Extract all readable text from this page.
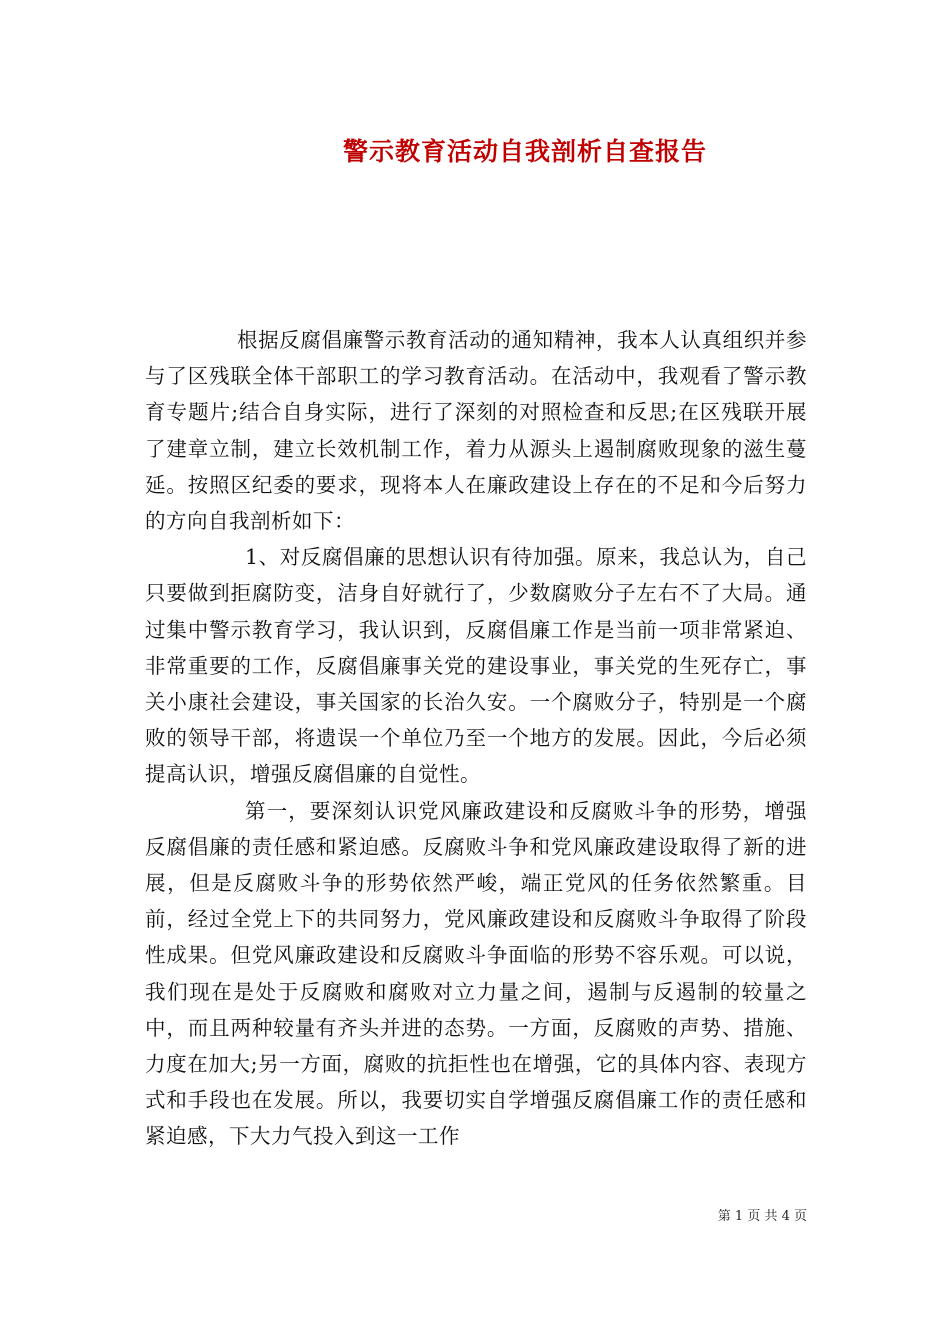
警示教育活动自我剖析自查报告

根据反腐倡廉警示教育活动的通知精神，我本人认真组织并参与了区残联全体干部职工的学习教育活动。在活动中，我观看了警示教育专题片;结合自身实际，进行了深刻的对照检查和反思;在区残联开展了建章立制，建立长效机制工作，着力从源头上遏制腐败现象的滋生蔓延。按照区纪委的要求，现将本人在廉政建设上存在的不足和今后努力的方向自我剖析如下：

1、对反腐倡廉的思想认识有待加强。原来，我总认为，自己只要做到拒腐防变，洁身自好就行了，少数腐败分子左右不了大局。通过集中警示教育学习，我认识到，反腐倡廉工作是当前一项非常紧迫、非常重要的工作，反腐倡廉事关党的建设事业，事关党的生死存亡，事关小康社会建设，事关国家的长治久安。一个腐败分子，特别是一个腐败的领导干部，将遗误一个单位乃至一个地方的发展。因此，今后必须提高认识，增强反腐倡廉的自觉性。

第一，要深刻认识党风廉政建设和反腐败斗争的形势，增强反腐倡廉的责任感和紧迫感。反腐败斗争和党风廉政建设取得了新的进展，但是反腐败斗争的形势依然严峻，端正党风的任务依然繁重。目前，经过全党上下的共同努力，党风廉政建设和反腐败斗争取得了阶段性成果。但党风廉政建设和反腐败斗争面临的形势不容乐观。可以说，我们现在是处于反腐败和腐败对立力量之间，遏制与反遏制的较量之中，而且两种较量有齐头并进的态势。一方面，反腐败的声势、措施、力度在加大;另一方面，腐败的抗拒性也在增强，它的具体内容、表现方式和手段也在发展。所以，我要切实自学增强反腐倡廉工作的责任感和紧迫感，下大力气投入到这一工作

第 1 页 共 4 页
